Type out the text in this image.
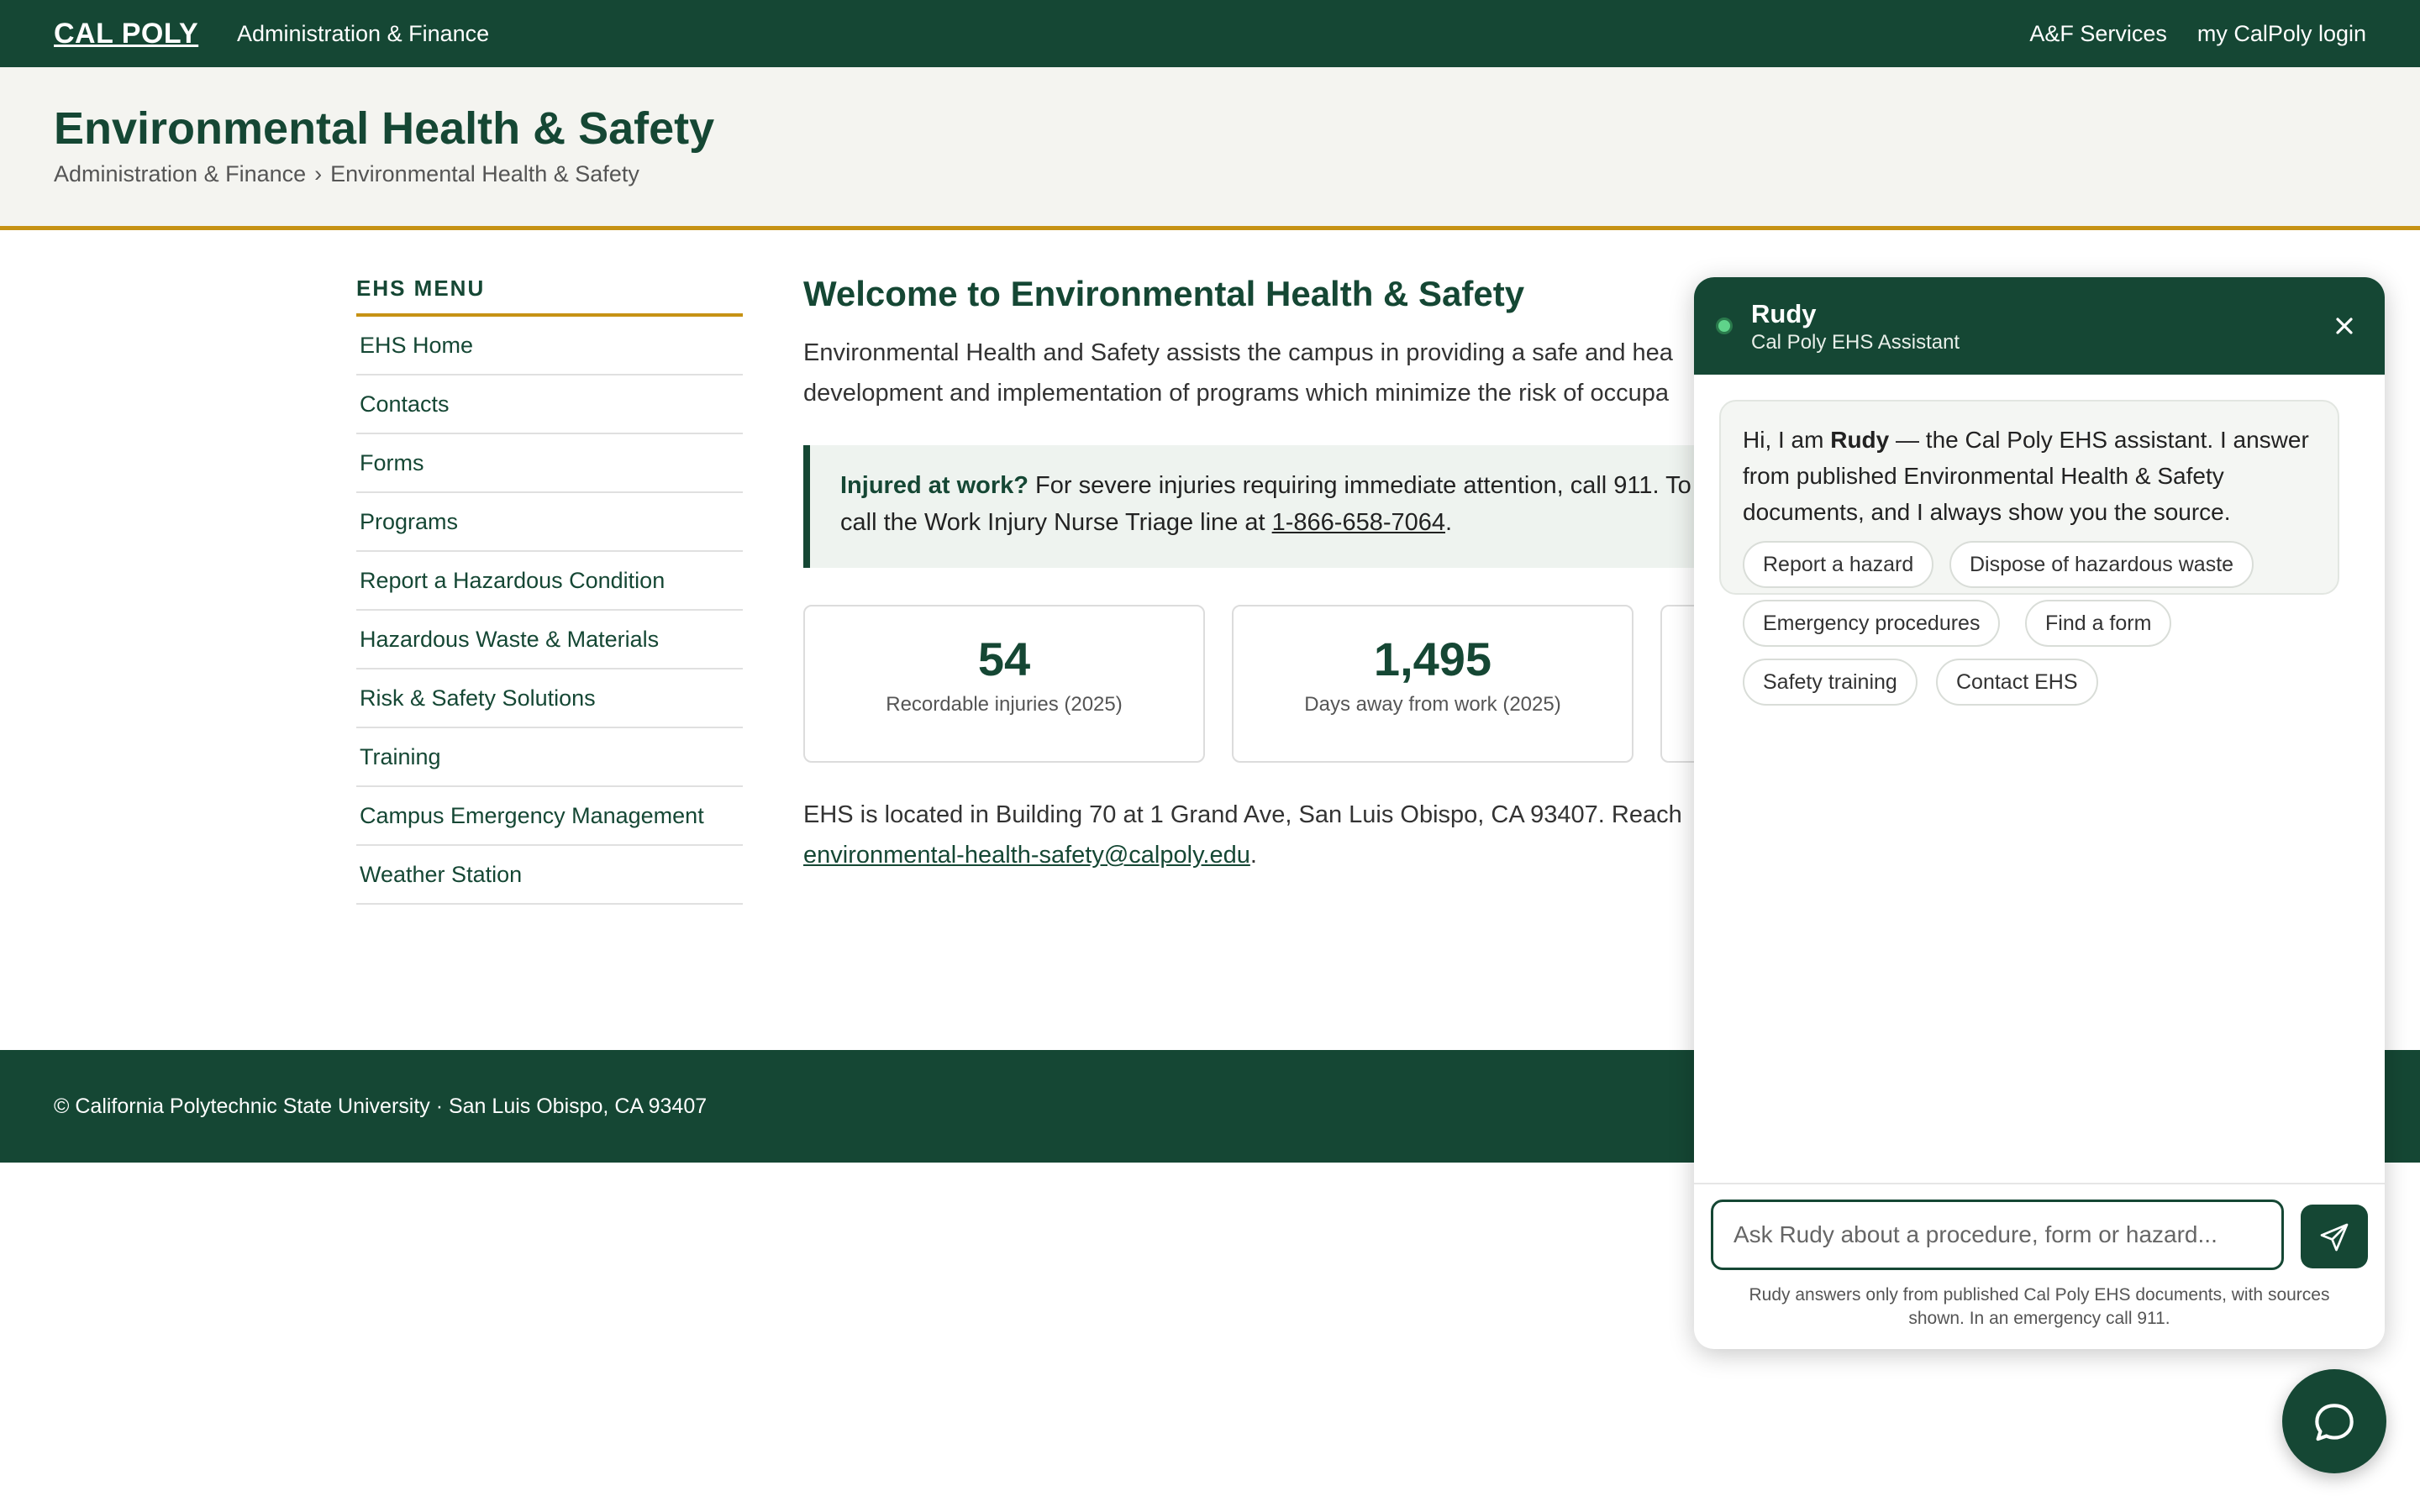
CAL POLY Administration & Finance	A&F Services my CalPoly login
Environmental Health & Safety
Administration & Finance › Environmental Health & Safety
EHS MENU
EHS Home
Contacts
Forms
Programs
Report a Hazardous Condition
Hazardous Waste & Materials
Risk & Safety Solutions
Training
Campus Emergency Management
Weather Station
Welcome to Environmental Health & Safety

Environmental Health and Safety assists the campus in providing a safe and hea development and implementation of programs which minimize the risk of occupa

Injured at work? For severe injuries requiring immediate attention, call 911. To call the Work Injury Nurse Triage line at 1-866-658-7064.
54
Recordable injuries (2025)
1,495
Days away from work (2025)
EHS is located in Building 70 at 1 Grand Ave, San Luis Obispo, CA 93407. Reach environmental-health-safety@calpoly.edu.
© California Polytechnic State University · San Luis Obispo, CA 93407
Rudy
Cal Poly EHS Assistant

Hi, I am Rudy — the Cal Poly EHS assistant. I answer from published Environmental Health & Safety documents, and I always show you the source.

Report a hazard	Dispose of hazardous waste
Emergency procedures	Find a form
Safety training	Contact EHS
Ask Rudy about a procedure, form or hazard...
Rudy answers only from published Cal Poly EHS documents, with sources shown. In an emergency call 911.
